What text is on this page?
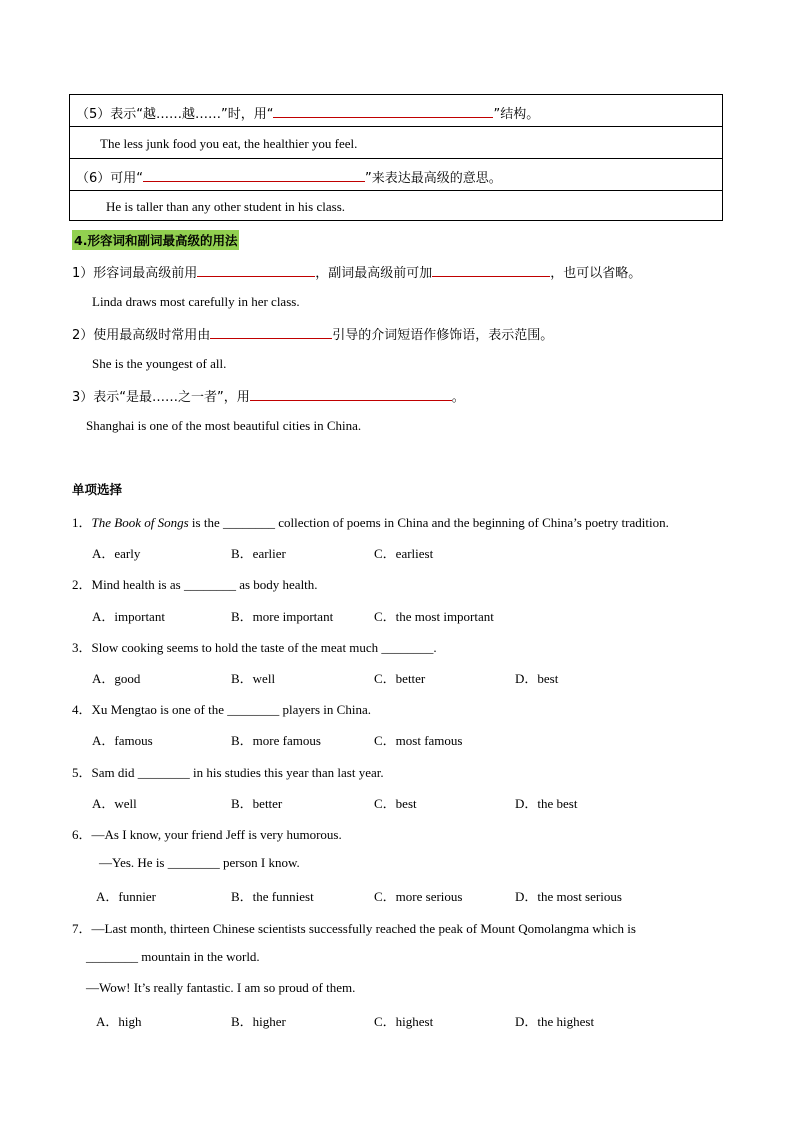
（5）表示“越……越……”时，用“	”结构。
The less junk food you eat, the healthier you feel.
（6）可用“	”来表达最高级的意思。
He is taller than any other student in his class.
4.形容词和副词最高级的用法
1）形容词最高级前用	，副词最高级前可加	，也可以省略。
Linda draws most carefully in her class.
2）使用最高级时常用由	引导的介词短语作修饰语，表示范围。
She is the youngest of all.
3）表示“是最……之一者”，用	。
Shanghai is one of the most beautiful cities in China.
单项选择
1．The Book of Songs is the ________ collection of poems in China and the beginning of China’s poetry tradition.
A．early	B．earlier	C．earliest
2．Mind health is as ________ as body health.
A．important	B．more important	C．the most important
3．Slow cooking seems to hold the taste of the meat much ________.
A．good	B．well	C．better	D．best
4．Xu Mengtao is one of the ________ players in China.
A．famous	B．more famous	C．most famous
5．Sam did ________ in his studies this year than last year.
A．well	B．better	C．best	D．the best
6．—As I know, your friend Jeff is very humorous.
—Yes. He is ________ person I know.
A．funnier	B．the funniest	C．more serious	D．the most serious
7．—Last month, thirteen Chinese scientists successfully reached the peak of Mount Qomolangma which is
________ mountain in the world.
—Wow! It’s really fantastic. I am so proud of them.
A．high	B．higher	C．highest	D．the highest
